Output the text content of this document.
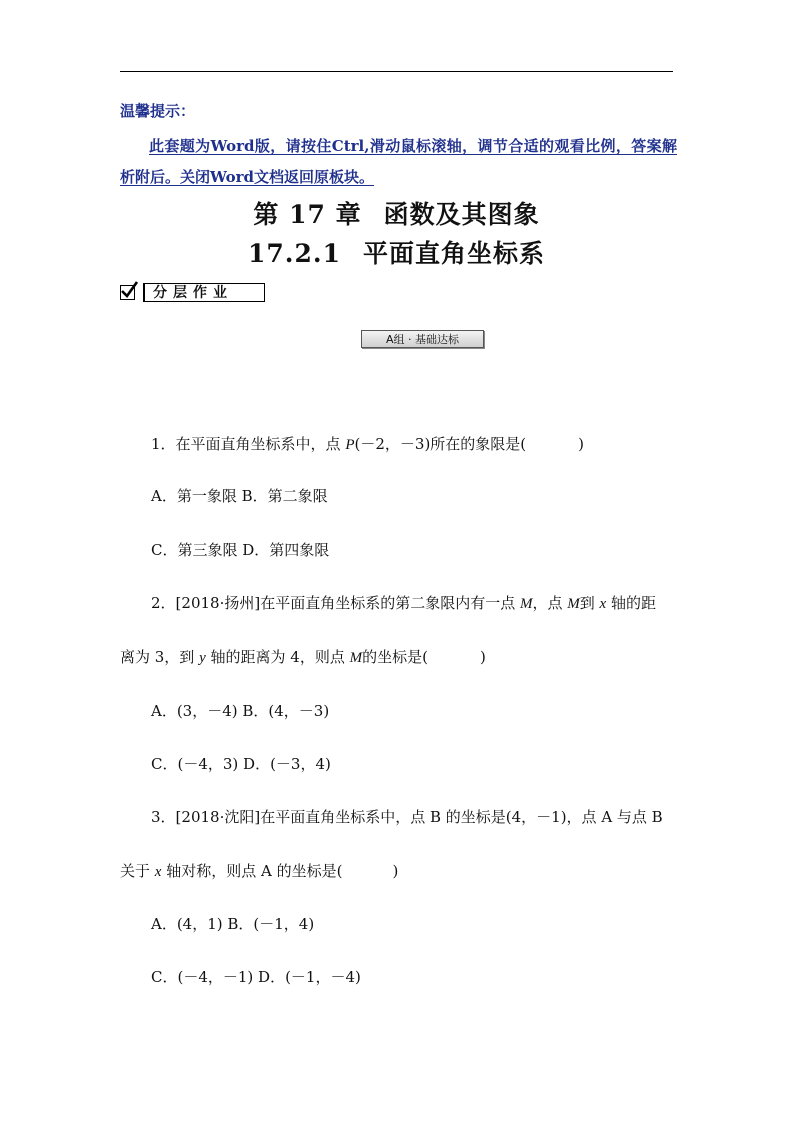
温馨提示：
此套题为Word版，请按住Ctrl,滑动鼠标滚轴，调节合适的观看比例，答案解析附后。关闭Word文档返回原板块。
第 17 章 函数及其图象
17.2.1 平面直角坐标系
分层作业
A组 · 基础达标
1．在平面直角坐标系中，点 P(－2，－3)所在的象限是(	)
A．第一象限 B．第二象限
C．第三象限 D．第四象限
2．[2018·扬州]在平面直角坐标系的第二象限内有一点 M，点 M到 x 轴的距
离为 3，到 y 轴的距离为 4，则点 M的坐标是(	)
A．(3，－4) B．(4，－3)
C．(－4，3) D．(－3，4)
3．[2018·沈阳]在平面直角坐标系中，点 B 的坐标是(4，－1)，点 A 与点 B
关于 x 轴对称，则点 A 的坐标是(	)
A．(4，1) B．(－1，4)
C．(－4，－1) D．(－1，－4)
